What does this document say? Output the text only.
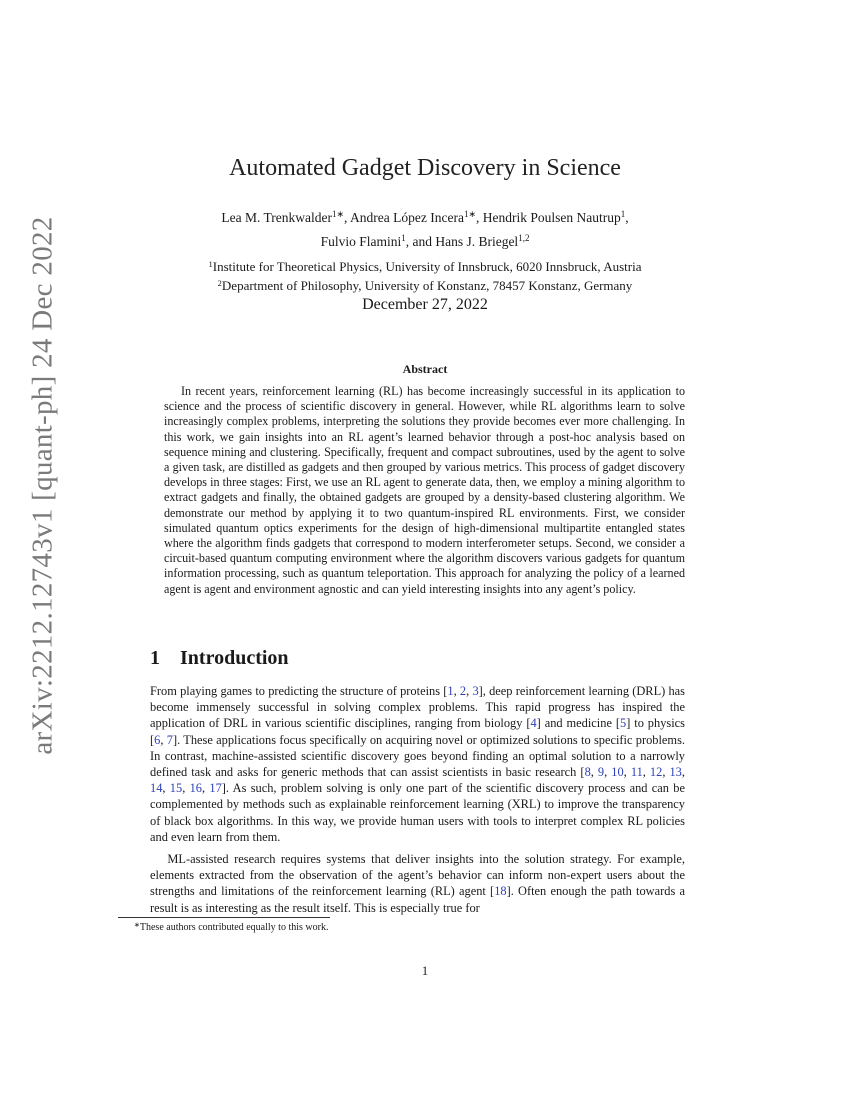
arXiv:2212.12743v1 [quant-ph] 24 Dec 2022
Automated Gadget Discovery in Science
Lea M. Trenkwalder$^{1∗}$, Andrea López Incera$^{1∗}$, Hendrik Poulsen Nautrup$^1$,
Fulvio Flamini$^1$, and Hans J. Briegel$^{1,2}$
$^1$Institute for Theoretical Physics, University of Innsbruck, 6020 Innsbruck, Austria
$^2$Department of Philosophy, University of Konstanz, 78457 Konstanz, Germany
December 27, 2022
Abstract

In recent years, reinforcement learning (RL) has become increasingly successful in its application to science and the process of scientific discovery in general. However, while RL algorithms learn to solve increasingly complex problems, interpreting the solutions they provide becomes ever more challenging. In this work, we gain insights into an RL agent’s learned behavior through a post-hoc analysis based on sequence mining and clustering. Specifically, frequent and compact subroutines, used by the agent to solve a given task, are distilled as gadgets and then grouped by various metrics. This process of gadget discovery develops in three stages: First, we use an RL agent to generate data, then, we employ a mining algorithm to extract gadgets and finally, the obtained gadgets are grouped by a density-based clustering algorithm. We demonstrate our method by applying it to two quantum-inspired RL environments. First, we consider simulated quantum optics experiments for the design of high-dimensional multipartite entangled states where the algorithm finds gadgets that correspond to modern interferometer setups. Second, we consider a circuit-based quantum computing environment where the algorithm discovers various gadgets for quantum information processing, such as quantum teleportation. This approach for analyzing the policy of a learned agent is agent and environment agnostic and can yield interesting insights into any agent’s policy.

1 Introduction

From playing games to predicting the structure of proteins [1, 2, 3], deep reinforcement learning (DRL) has become immensely successful in solving complex problems. This rapid progress has inspired the application of DRL in various scientific disciplines, ranging from biology [4] and medicine [5] to physics [6, 7]. These applications focus specifically on acquiring novel or optimized solutions to specific problems. In contrast, machine-assisted scientific discovery goes beyond finding an optimal solution to a narrowly defined task and asks for generic methods that can assist scientists in basic research [8, 9, 10, 11, 12, 13, 14, 15, 16, 17]. As such, problem solving is only one part of the scientific discovery process and can be complemented by methods such as explainable reinforcement learning (XRL) to improve the transparency of black box algorithms. In this way, we provide human users with tools to interpret complex RL policies and even learn from them.

ML-assisted research requires systems that deliver insights into the solution strategy. For example, elements extracted from the observation of the agent’s behavior can inform non-expert users about the strengths and limitations of the reinforcement learning (RL) agent [18]. Often enough the path towards a result is as interesting as the result itself. This is especially true for

∗These authors contributed equally to this work.
1
